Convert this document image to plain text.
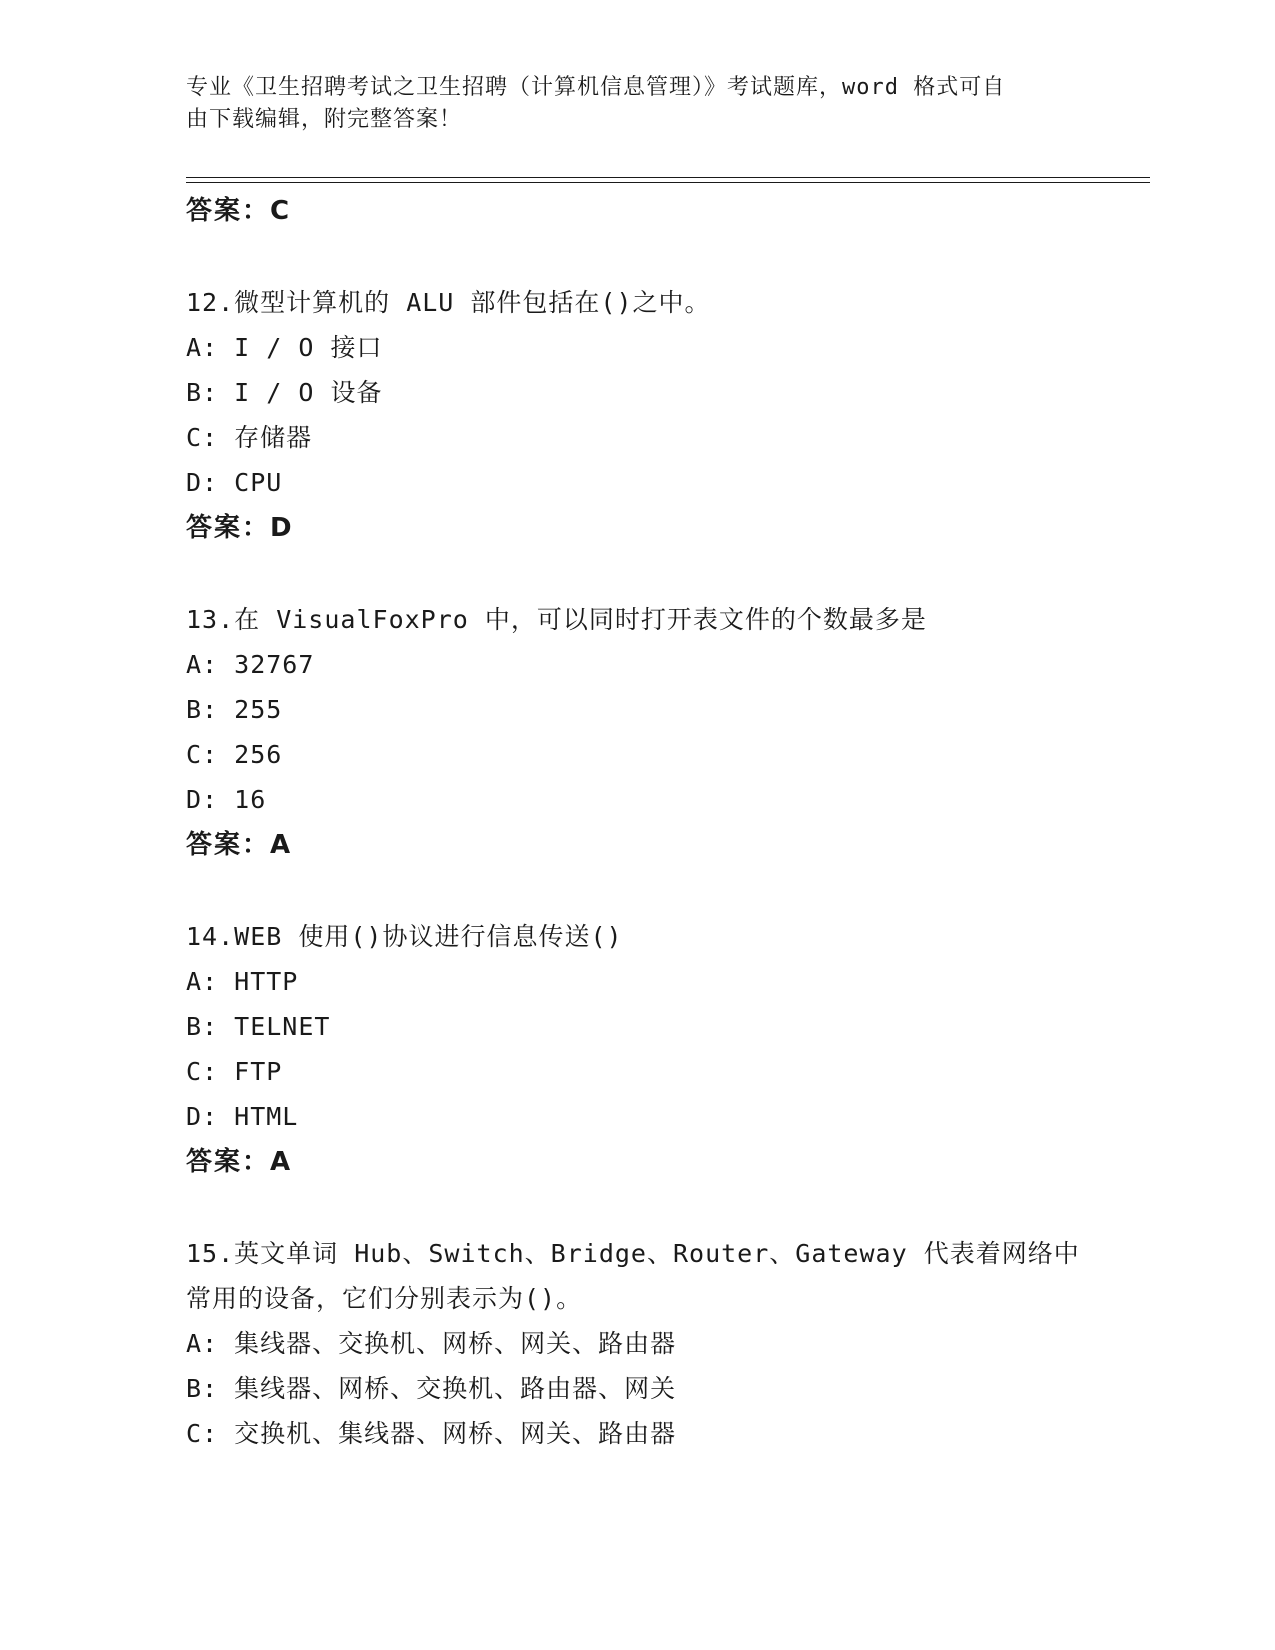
专业《卫生招聘考试之卫生招聘（计算机信息管理）》考试题库，word 格式可自
由下载编辑，附完整答案！
答案：C
12.微型计算机的 ALU 部件包括在()之中。
A: I / O 接口
B: I / O 设备
C: 存储器
D: CPU
答案：D
13.在 VisualFoxPro 中，可以同时打开表文件的个数最多是
A: 32767
B: 255
C: 256
D: 16
答案：A
14.WEB 使用()协议进行信息传送()
A: HTTP
B: TELNET
C: FTP
D: HTML
答案：A
15.英文单词 Hub、Switch、Bridge、Router、Gateway 代表着网络中
常用的设备，它们分别表示为()。
A: 集线器、交换机、网桥、网关、路由器
B: 集线器、网桥、交换机、路由器、网关
C: 交换机、集线器、网桥、网关、路由器
